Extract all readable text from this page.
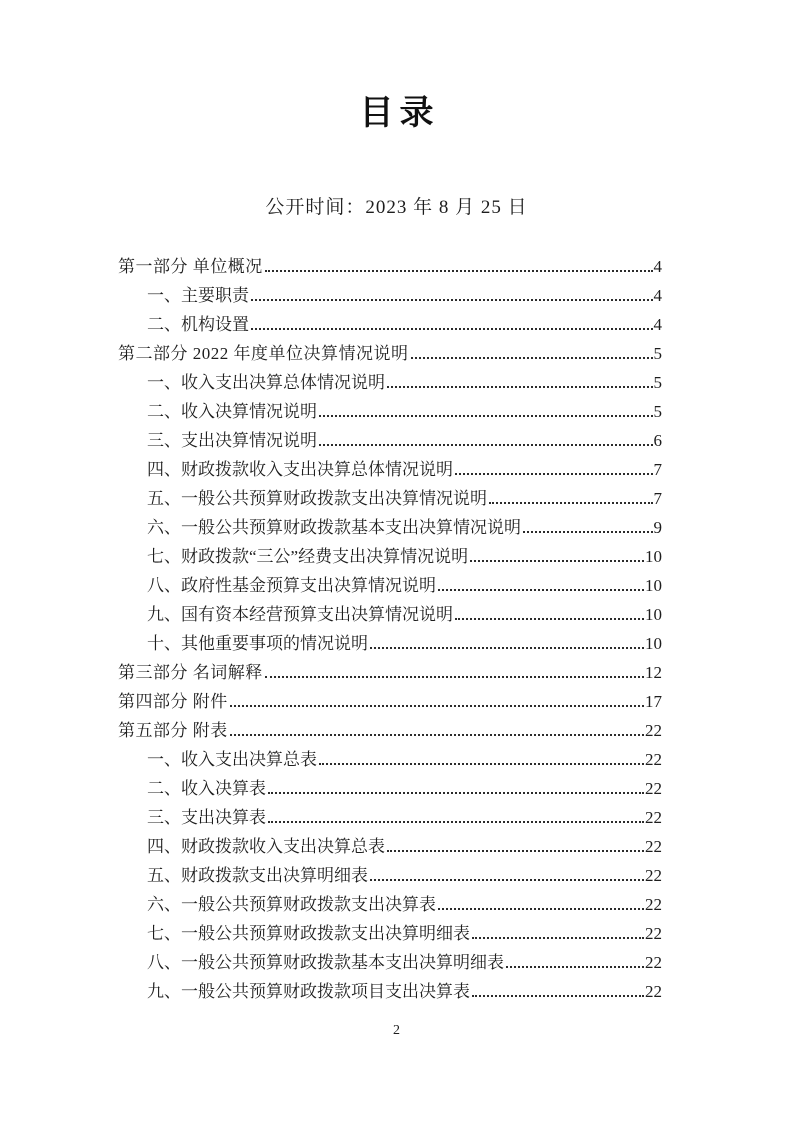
目录
公开时间：2023 年 8 月 25 日
第一部分 单位概况	4
一、主要职责	4
二、机构设置	4
第二部分 2022 年度单位决算情况说明	5
一、收入支出决算总体情况说明	5
二、收入决算情况说明	5
三、支出决算情况说明	6
四、财政拨款收入支出决算总体情况说明	7
五、一般公共预算财政拨款支出决算情况说明	7
六、一般公共预算财政拨款基本支出决算情况说明	9
七、财政拨款“三公”经费支出决算情况说明	10
八、政府性基金预算支出决算情况说明	10
九、国有资本经营预算支出决算情况说明	10
十、其他重要事项的情况说明	10
第三部分 名词解释	12
第四部分 附件	17
第五部分 附表	22
一、收入支出决算总表	22
二、收入决算表	22
三、支出决算表	22
四、财政拨款收入支出决算总表	22
五、财政拨款支出决算明细表	22
六、一般公共预算财政拨款支出决算表	22
七、一般公共预算财政拨款支出决算明细表	22
八、一般公共预算财政拨款基本支出决算明细表	22
九、一般公共预算财政拨款项目支出决算表	22
2
